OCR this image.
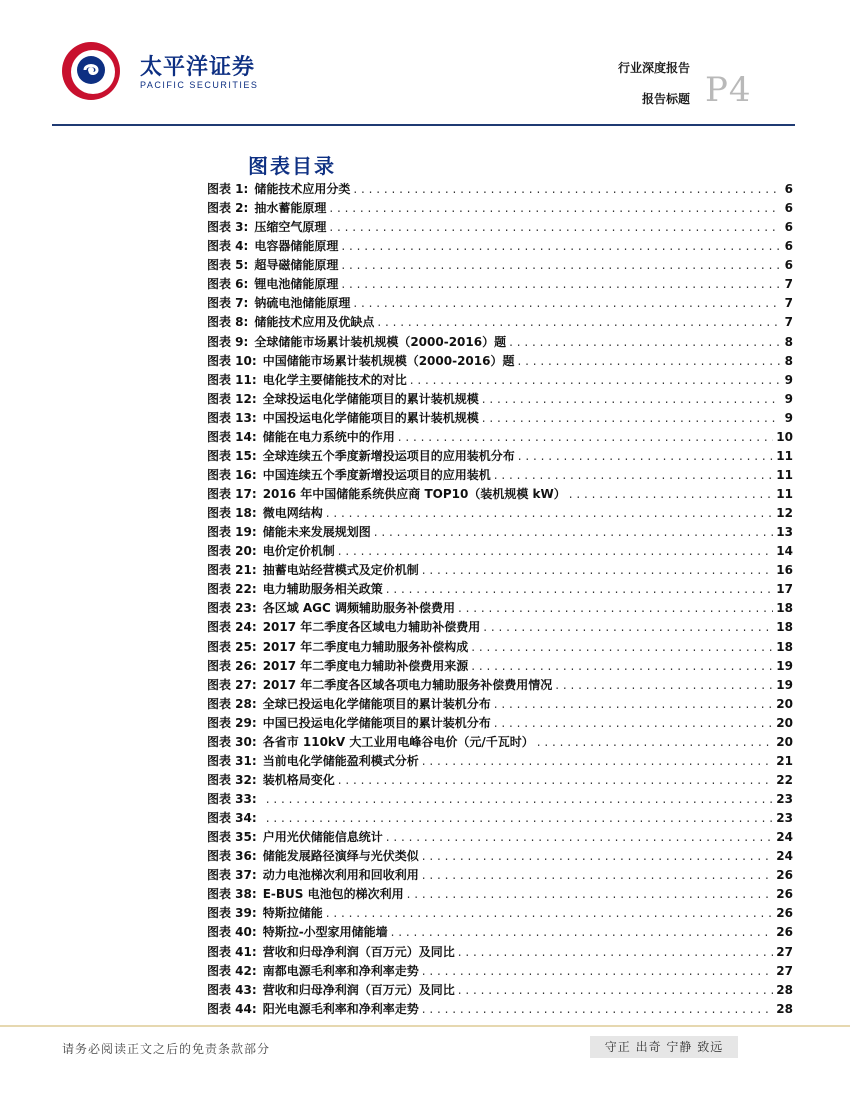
太平洋证券
PACIFIC SECURITIES
行业深度报告
报告标题 P4
图表目录
图表 1: 储能技术应用分类 . . .	6
图表 2: 抽水蓄能原理 . . .	6
图表 3: 压缩空气原理 . . .	6
图表 4: 电容器储能原理 . . .	6
图表 5: 超导磁储能原理 . . .	6
图表 6: 锂电池储能原理 . . .	7
图表 7: 钠硫电池储能原理 . . .	7
图表 8: 储能技术应用及优缺点 . . .	7
图表 9: 全球储能市场累计装机规模（2000-2016）题 . . .	8
图表 10: 中国储能市场累计装机规模（2000-2016）题 . . .	8
图表 11: 电化学主要储能技术的对比 . . .	9
图表 12: 全球投运电化学储能项目的累计装机规模 . . .	9
图表 13: 中国投运电化学储能项目的累计装机规模 . . .	9
图表 14: 储能在电力系统中的作用 . . .	10
图表 15: 全球连续五个季度新增投运项目的应用装机分布 . . .	11
图表 16: 中国连续五个季度新增投运项目的应用装机 . . .	11
图表 17: 2016 年中国储能系统供应商 TOP10（装机规模 kW） . . .	11
图表 18: 微电网结构 . . .	12
图表 19: 储能未来发展规划图 . . .	13
图表 20: 电价定价机制 . . .	14
图表 21: 抽蓄电站经营模式及定价机制 . . .	16
图表 22: 电力辅助服务相关政策 . . .	17
图表 23: 各区域 AGC 调频辅助服务补偿费用 . . .	18
图表 24: 2017 年二季度各区域电力辅助补偿费用 . . .	18
图表 25: 2017 年二季度电力辅助服务补偿构成 . . .	18
图表 26: 2017 年二季度电力辅助补偿费用来源 . . .	19
图表 27: 2017 年二季度各区域各项电力辅助服务补偿费用情况 . . .	19
图表 28: 全球已投运电化学储能项目的累计装机分布 . . .	20
图表 29: 中国已投运电化学储能项目的累计装机分布 . . .	20
图表 30: 各省市 110kV 大工业用电峰谷电价（元/千瓦时） . . .	20
图表 31: 当前电化学储能盈利模式分析 . . .	21
图表 32: 装机格局变化 . . .	22
图表 33: . . .	23
图表 34: . . .	23
图表 35: 户用光伏储能信息统计 . . .	24
图表 36: 储能发展路径演绎与光伏类似 . . .	24
图表 37: 动力电池梯次利用和回收利用 . . .	26
图表 38: E-BUS 电池包的梯次利用 . . .	26
图表 39: 特斯拉储能 . . .	26
图表 40: 特斯拉-小型家用储能墙 . . .	26
图表 41: 营收和归母净利润（百万元）及同比 . . .	27
图表 42: 南都电源毛利率和净利率走势 . . .	27
图表 43: 营收和归母净利润（百万元）及同比 . . .	28
图表 44: 阳光电源毛利率和净利率走势 . . .	28
请务必阅读正文之后的免责条款部分	守正 出奇 宁静 致远
